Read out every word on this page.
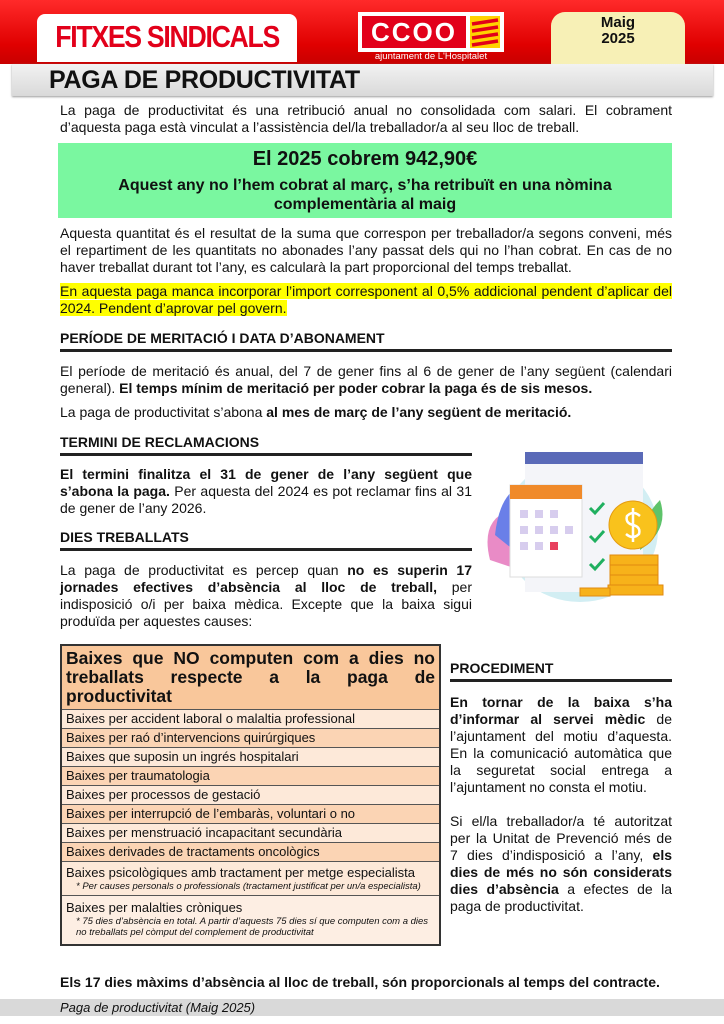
PAGA DE PRODUCTIVITAT
FITXES SINDICALS	CCOO
ajuntament de L'Hospitalet
Maig
2025
La paga de productivitat és una retribució anual no consolidada com salari. El cobrament d’aquesta paga està vinculat a l’assistència del/la treballador/a al seu lloc de treball.
El 2025 cobrem 942,90€
Aquest any no l’hem cobrat al març, s’ha retribuït en una nòmina complementària al maig
Aquesta quantitat és el resultat de la suma que correspon per treballador/a segons conveni, més el repartiment de les quantitats no abonades l’any passat dels qui no l’han cobrat. En cas de no haver treballat durant tot l’any, es calcularà la part proporcional del temps treballat.
En aquesta paga manca incorporar l’import corresponent al 0,5% addicional pendent d’aplicar del 2024. Pendent d’aprovar pel govern.
PERÍODE DE MERITACIÓ I DATA D’ABONAMENT
El període de meritació és anual, del 7 de gener fins al 6 de gener de l’any següent (calendari general). El temps mínim de meritació per poder cobrar la paga és de sis mesos.
La paga de productivitat s’abona al mes de març de l’any següent de meritació.
TERMINI DE RECLAMACIONS
El termini finalitza el 31 de gener de l’any següent que s’abona la paga. Per aquesta del 2024 es pot reclamar fins al 31 de gener de l’any 2026.
DIES TREBALLATS
La paga de productivitat es percep quan no es superin 17 jornades efectives d’absència al lloc de treball, per indisposició o/i per baixa mèdica. Excepte que la baixa sigui produïda per aquestes causes:
Baixes que NO computen com a dies no
treballats respecte a la paga de productivitat

Baixes per accident laboral o malaltia professional
Baixes per raó d’intervencions quirúrgiques
Baixes que suposin un ingrés hospitalari
Baixes per traumatologia
Baixes per processos de gestació
Baixes per interrupció de l’embaràs, voluntari o no
Baixes per menstruació incapacitant secundària
Baixes derivades de tractaments oncològics

Baixes psicològiques amb tractament per metge especialista
* Per causes personals o professionals (tractament justificat per un/a especialista)

Baixes per malalties cròniques
* 75 dies d’absència en total. A partir d’aquests 75 dies sí que computen com a dies no treballats pel còmput del complement de productivitat
PROCEDIMENT
En tornar de la baixa s’ha d’informar al servei mèdic de l’ajuntament del motiu d’aquesta. En la comunicació automàtica que la seguretat social entrega a l’ajuntament no consta el motiu.
Si el/la treballador/a té autoritzat per la Unitat de Prevenció més de 7 dies d’indisposició a l’any, els dies de més no són considerats dies d’absència a efectes de la paga de productivitat.
Els 17 dies màxims d’absència al lloc de treball, són proporcionals al temps del contracte.
Paga de productivitat (Maig 2025)
